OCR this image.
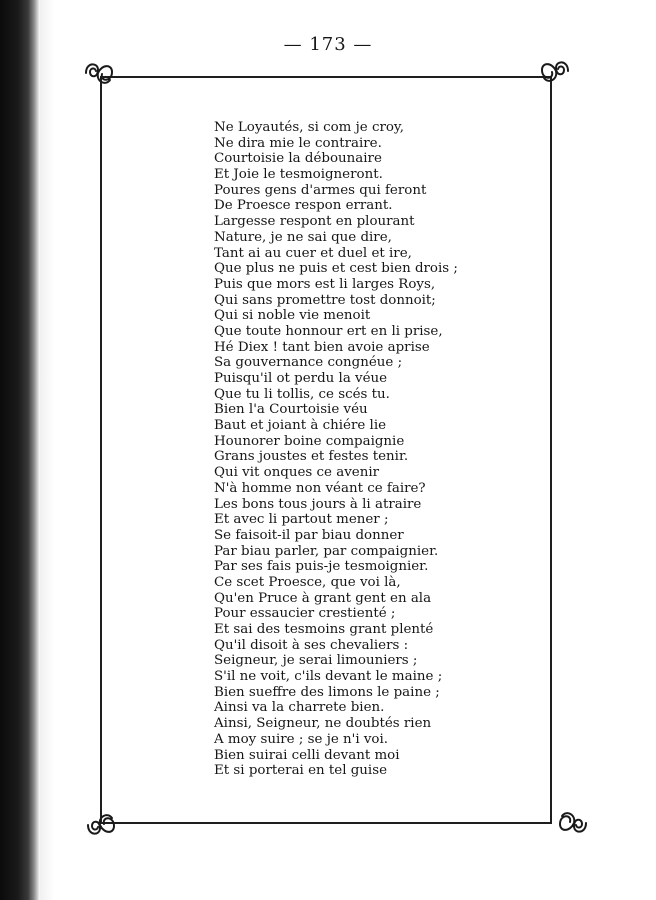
— 173 —
Ne Loyautés, si com je croy,
Ne dira mie le contraire.
Courtoisie la débounaire
Et Joie le tesmoigneront.
Poures gens d'armes qui feront
De Proesce respon errant.
Largesse respont en plourant
Nature, je ne sai que dire,
Tant ai au cuer et duel et ire,
Que plus ne puis et cest bien drois ;
Puis que mors est li larges Roys,
Qui sans promettre tost donnoit;
Qui si noble vie menoit
Que toute honnour ert en li prise,
Hé Diex ! tant bien avoie aprise
Sa gouvernance congnéue ;
Puisqu'il ot perdu la véue
Que tu li tollis, ce scés tu.
Bien l'a Courtoisie véu
Baut et joiant à chiére lie
Hounorer boine compaignie
Grans joustes et festes tenir.
Qui vit onques ce avenir
N'à homme non véant ce faire?
Les bons tous jours à li atraire
Et avec li partout mener ;
Se faisoit-il par biau donner
Par biau parler, par compaignier.
Par ses fais puis-je tesmoignier.
Ce scet Proesce, que voi là,
Qu'en Pruce à grant gent en ala
Pour essaucier crestienté ;
Et sai des tesmoins grant plenté
Qu'il disoit à ses chevaliers :
Seigneur, je serai limouniers ;
S'il ne voit, c'ils devant le maine ;
Bien sueffre des limons le paine ;
Ainsi va la charrete bien.
Ainsi, Seigneur, ne doubtés rien
A moy suire ; se je n'i voi.
Bien suirai celli devant moi
Et si porterai en tel guise
